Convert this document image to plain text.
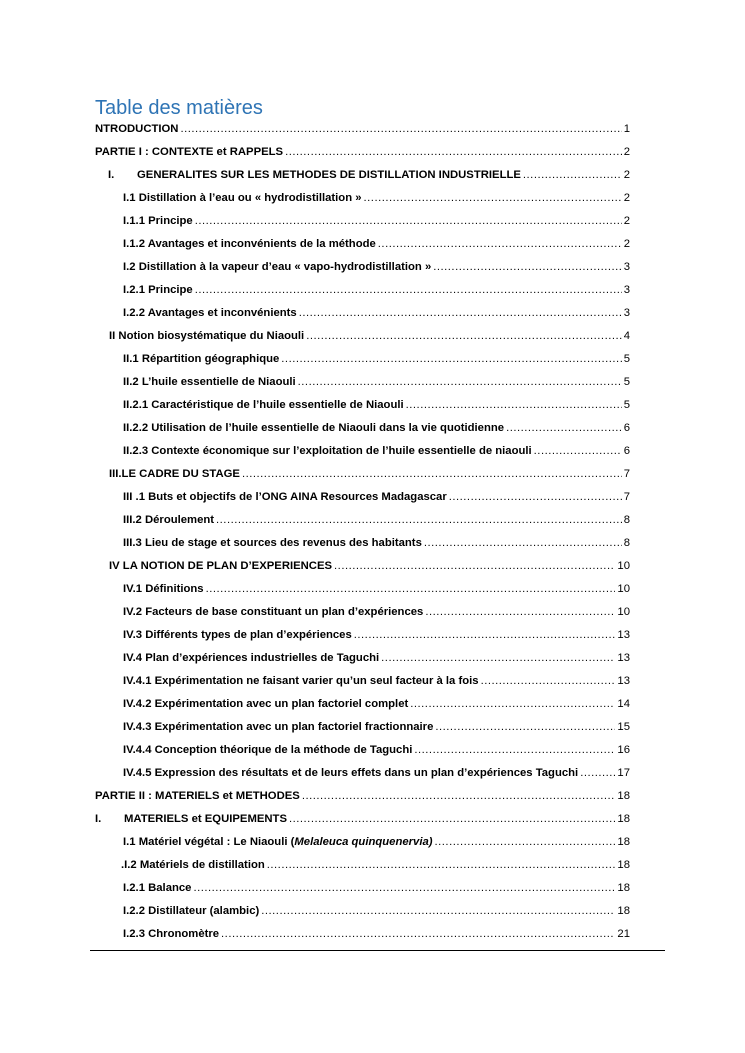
Table des matières
NTRODUCTION .....	1
PARTIE I : CONTEXTE et RAPPELS .....	2
I. GENERALITES SUR LES METHODES DE DISTILLATION INDUSTRIELLE .....	2
I.1 Distillation à l’eau ou « hydrodistillation » .....	2
I.1.1 Principe .....	2
I.1.2 Avantages et inconvénients de la méthode .....	2
I.2 Distillation à la vapeur d’eau « vapo-hydrodistillation » .....	3
I.2.1 Principe .....	3
I.2.2 Avantages et inconvénients .....	3
II Notion biosystématique du Niaouli .....	4
II.1 Répartition géographique .....	5
II.2 L’huile essentielle de Niaouli .....	5
II.2.1 Caractéristique de l’huile essentielle de Niaouli .....	5
II.2.2 Utilisation de l’huile essentielle de Niaouli dans la vie quotidienne .....	6
II.2.3 Contexte économique sur l’exploitation de l’huile essentielle de niaouli .....	6
III.LE CADRE DU STAGE .....	7
III .1 Buts et objectifs de l’ONG AINA Resources Madagascar .....	7
III.2 Déroulement .....	8
III.3 Lieu de stage et sources des revenus des habitants .....	8
IV LA NOTION DE PLAN D’EXPERIENCES .....	10
IV.1 Définitions .....	10
IV.2 Facteurs de base constituant un plan d’expériences .....	10
IV.3 Différents types de plan d’expériences .....	13
IV.4 Plan d’expériences industrielles de Taguchi .....	13
IV.4.1 Expérimentation ne faisant varier qu’un seul facteur à la fois .....	13
IV.4.2 Expérimentation avec un plan factoriel complet .....	14
IV.4.3 Expérimentation avec un plan factoriel fractionnaire .....	15
IV.4.4 Conception théorique de la méthode de Taguchi .....	16
IV.4.5 Expression des résultats et de leurs effets dans un plan d’expériences Taguchi .....	17
PARTIE II : MATERIELS et METHODES .....	18
I. MATERIELS et EQUIPEMENTS .....	18
I.1 Matériel végétal : Le Niaouli (Melaleuca quinquenervia) .....	18
.I.2 Matériels de distillation .....	18
I.2.1 Balance .....	18
I.2.2 Distillateur (alambic) .....	18
I.2.3 Chronomètre .....	21
